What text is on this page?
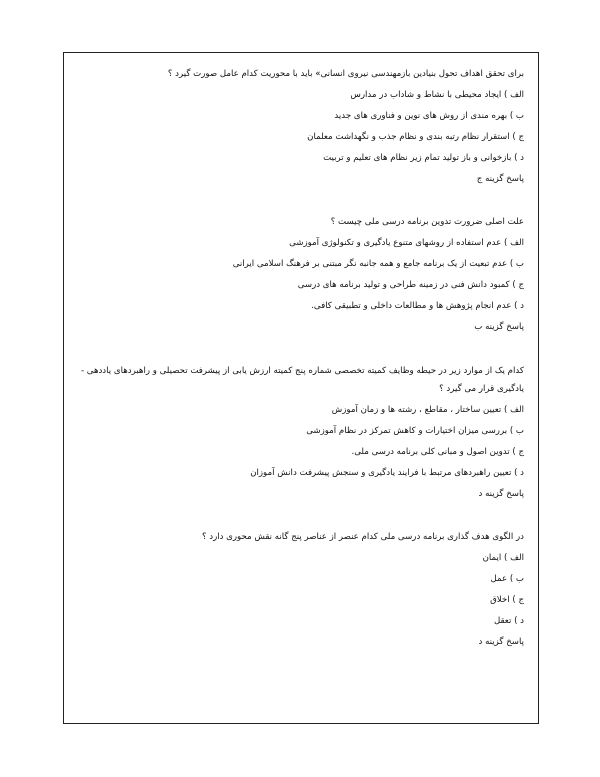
برای تحقق اهداف تحول بنیادین بازمهندسی نیروی انسانی» باید با محوریت کدام عامل صورت گیرد ؟

الف ) ایجاد محیطی با نشاط و شاداب در مدارس

ب ) بهره مندی از روش های نوین و فناوری های جدید

ج ) استقرار نظام رتبه بندی و نظام جذب و نگهداشت معلمان

د ) بازخوانی و باز تولید تمام زیر نظام های تعلیم و تربیت

پاسخ گزینه ج

علت اصلی ضرورت تدوین برنامه درسی ملی چیست ؟

الف ) عدم استفاده از روشهای متنوع یادگیری و تکنولوژی آموزشی

ب ) عدم تبعیت از یک برنامه جامع و همه جانبه نگر مبتنی بر فرهنگ اسلامی ایرانی

ج ) کمبود دانش فنی در زمینه طراحی و تولید برنامه های درسی

د ) عدم انجام پژوهش ها و مطالعات داخلی و تطبیقی کافی.

پاسخ گزینه ب

کدام یک از موارد زیر در حیطه وظایف کمیته تخصصی شماره پنج کمیته ارزش یابی از پیشرفت تحصیلی و راهبردهای یاددهی - یادگیری قرار می گیرد ؟

الف ) تعیین ساختار ، مقاطع ، رشته ها و زمان آموزش

ب ) بررسی میزان اختیارات و کاهش تمرکز در نظام آموزشی

ج ) تدوین اصول و مبانی کلی برنامه درسی ملی.

د ) تعیین راهبردهای مرتبط با فرایند یادگیری و سنجش پیشرفت دانش آموزان

پاسخ گزینه د

در الگوی هدف گذاری برنامه درسی ملی کدام عنصر از عناصر پنج گانه نقش محوری دارد ؟

الف ) ایمان

ب ) عمل

ج ) اخلاق

د ) تعقل

پاسخ گزینه د
